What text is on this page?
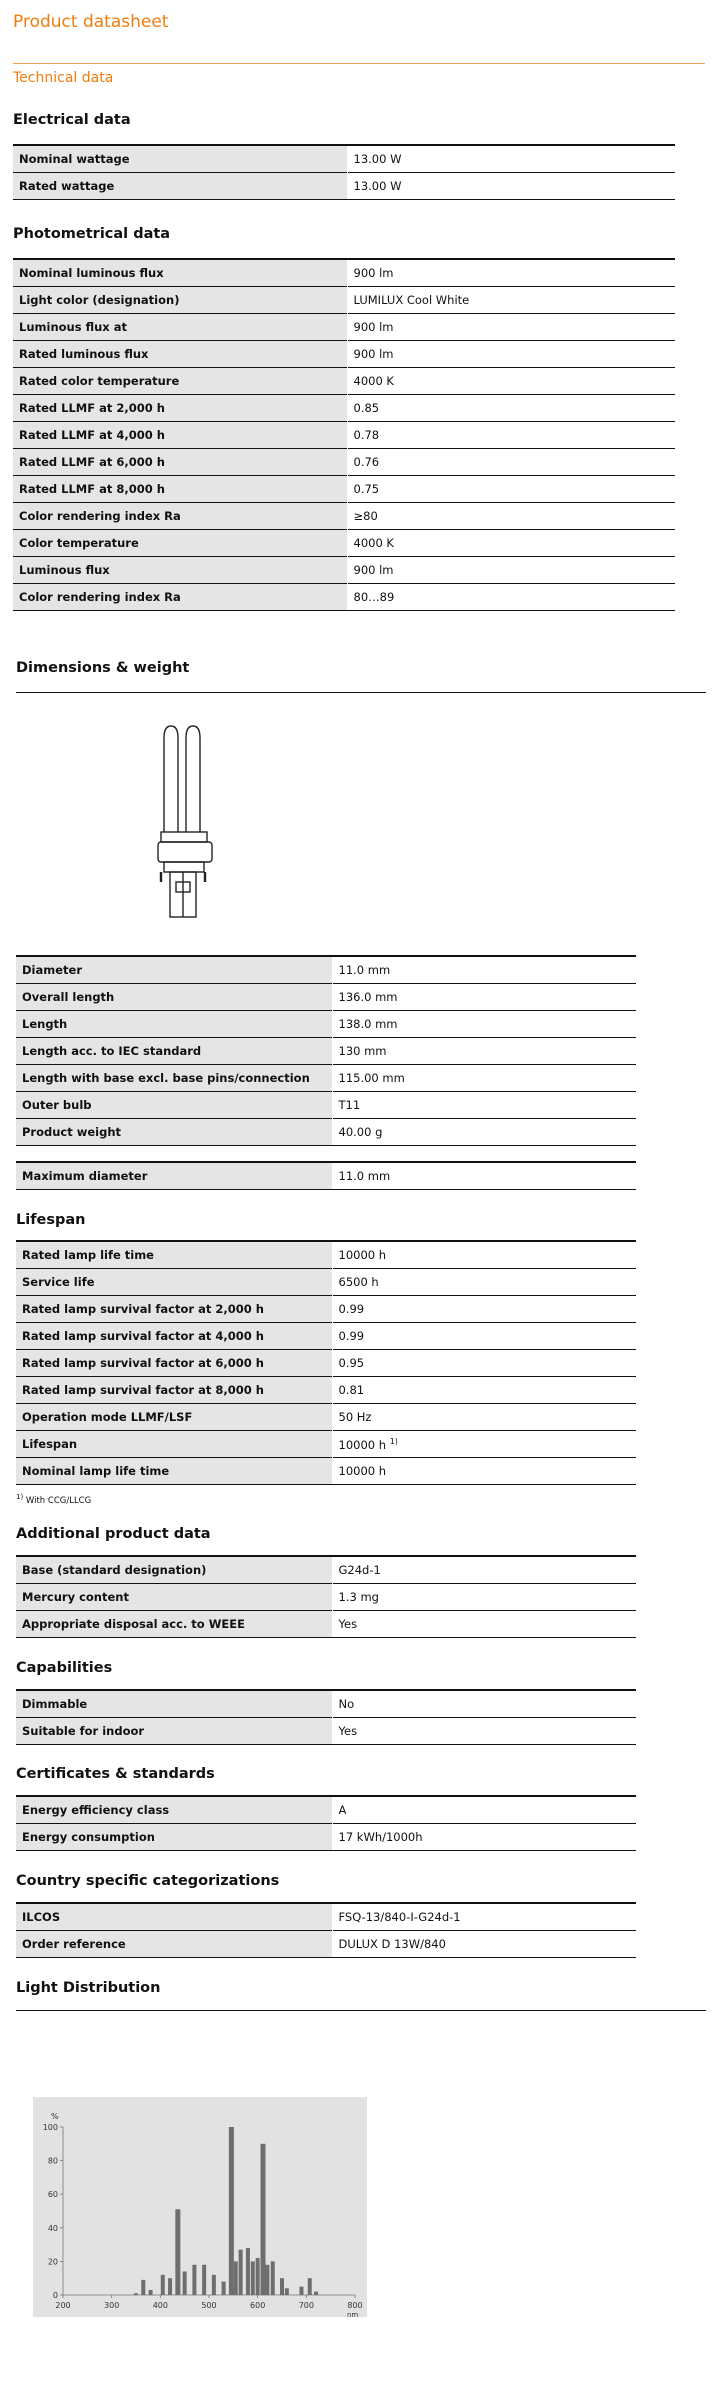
Product datasheet
Technical data
Electrical data
Nominal wattage	13.00 W
Rated wattage	13.00 W
Photometrical data
Nominal luminous flux	900 lm
Light color (designation)	LUMILUX Cool White
Luminous flux at	900 lm
Rated luminous flux	900 lm
Rated color temperature	4000 K
Rated LLMF at 2,000 h	0.85
Rated LLMF at 4,000 h	0.78
Rated LLMF at 6,000 h	0.76
Rated LLMF at 8,000 h	0.75
Color rendering index Ra	≥80
Color temperature	4000 K
Luminous flux	900 lm
Color rendering index Ra	80…89
Dimensions & weight
Diameter	11.0 mm
Overall length	136.0 mm
Length	138.0 mm
Length acc. to IEC standard	130 mm
Length with base excl. base pins/connection	115.00 mm
Outer bulb	T11
Product weight	40.00 g
Maximum diameter	11.0 mm
Lifespan
Rated lamp life time	10000 h
Service life	6500 h
Rated lamp survival factor at 2,000 h	0.99
Rated lamp survival factor at 4,000 h	0.99
Rated lamp survival factor at 6,000 h	0.95
Rated lamp survival factor at 8,000 h	0.81
Operation mode LLMF/LSF	50 Hz
Lifespan	10000 h $^{1)}$
Nominal lamp life time	10000 h
$^{1)}$ With CCG/LLCG
Additional product data
Base (standard designation)	G24d-1
Mercury content	1.3 mg
Appropriate disposal acc. to WEEE	Yes
Capabilities
Dimmable	No
Suitable for indoor	Yes
Certificates & standards
Energy efficiency class	A
Energy consumption	17 kWh/1000h
Country specific categorizations
ILCOS	FSQ-13/840-I-G24d-1
Order reference	DULUX D 13W/840
Light Distribution
200	300	400	500	600	700	800
0
20
40
60
80
100
%
nm
